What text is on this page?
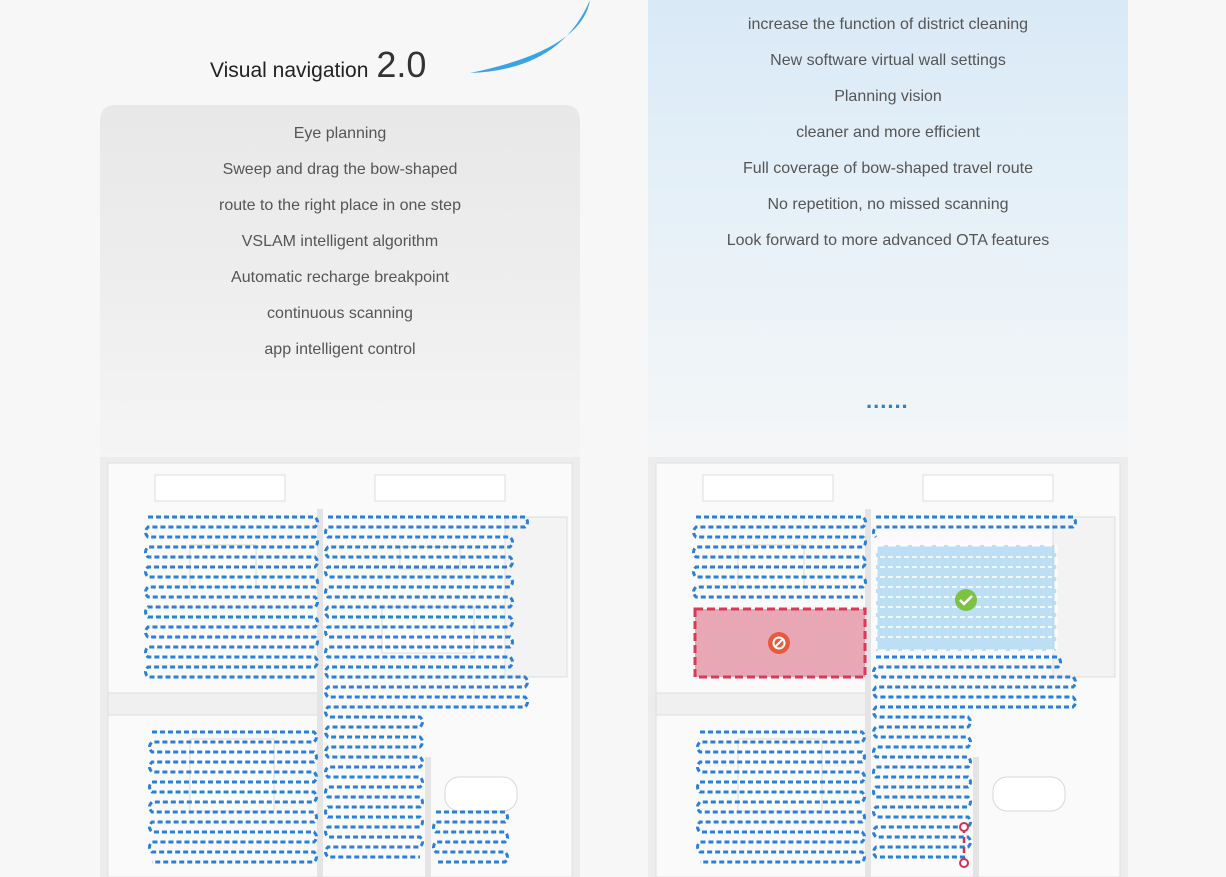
Visual navigation 2.0
Eye planning
Sweep and drag the bow-shaped
route to the right place in one step
VSLAM intelligent algorithm
Automatic recharge breakpoint
continuous scanning
app intelligent control
increase the function of district cleaning
New software virtual wall settings
Planning vision
cleaner and more efficient
Full coverage of bow-shaped travel route
No repetition, no missed scanning
Look forward to more advanced OTA features
......
